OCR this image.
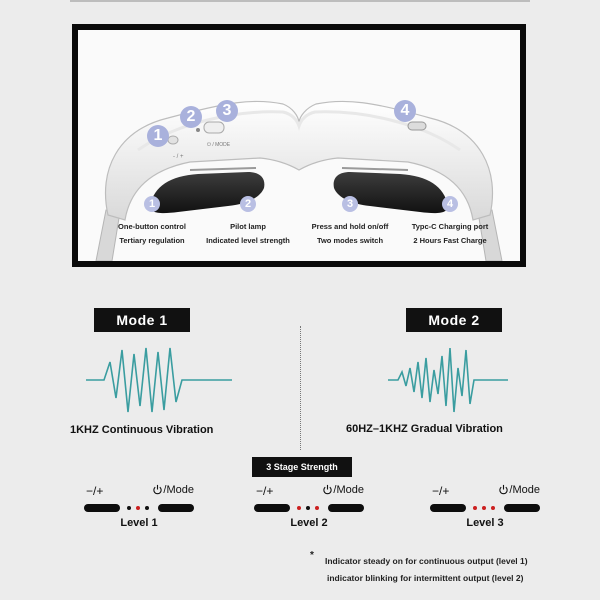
- / +
⏻ / MODE
1
2	3	4
1
One-button control
Tertiary regulation
2
Pilot lamp
Indicated level strength
3
Press and hold on/off
Two modes switch
4
Typc-C Charging port
2 Hours Fast Charge
Mode 1	Mode 2
1KHZ Continuous Vibration	60HZ–1KHZ Gradual Vibration
3 Stage Strength
−/+	/Mode
Level 1
−/+	/Mode
Level 2
−/+	/Mode
Level 3
* Indicator steady on for continuous output (level 1)
indicator blinking for intermittent output (level 2)
